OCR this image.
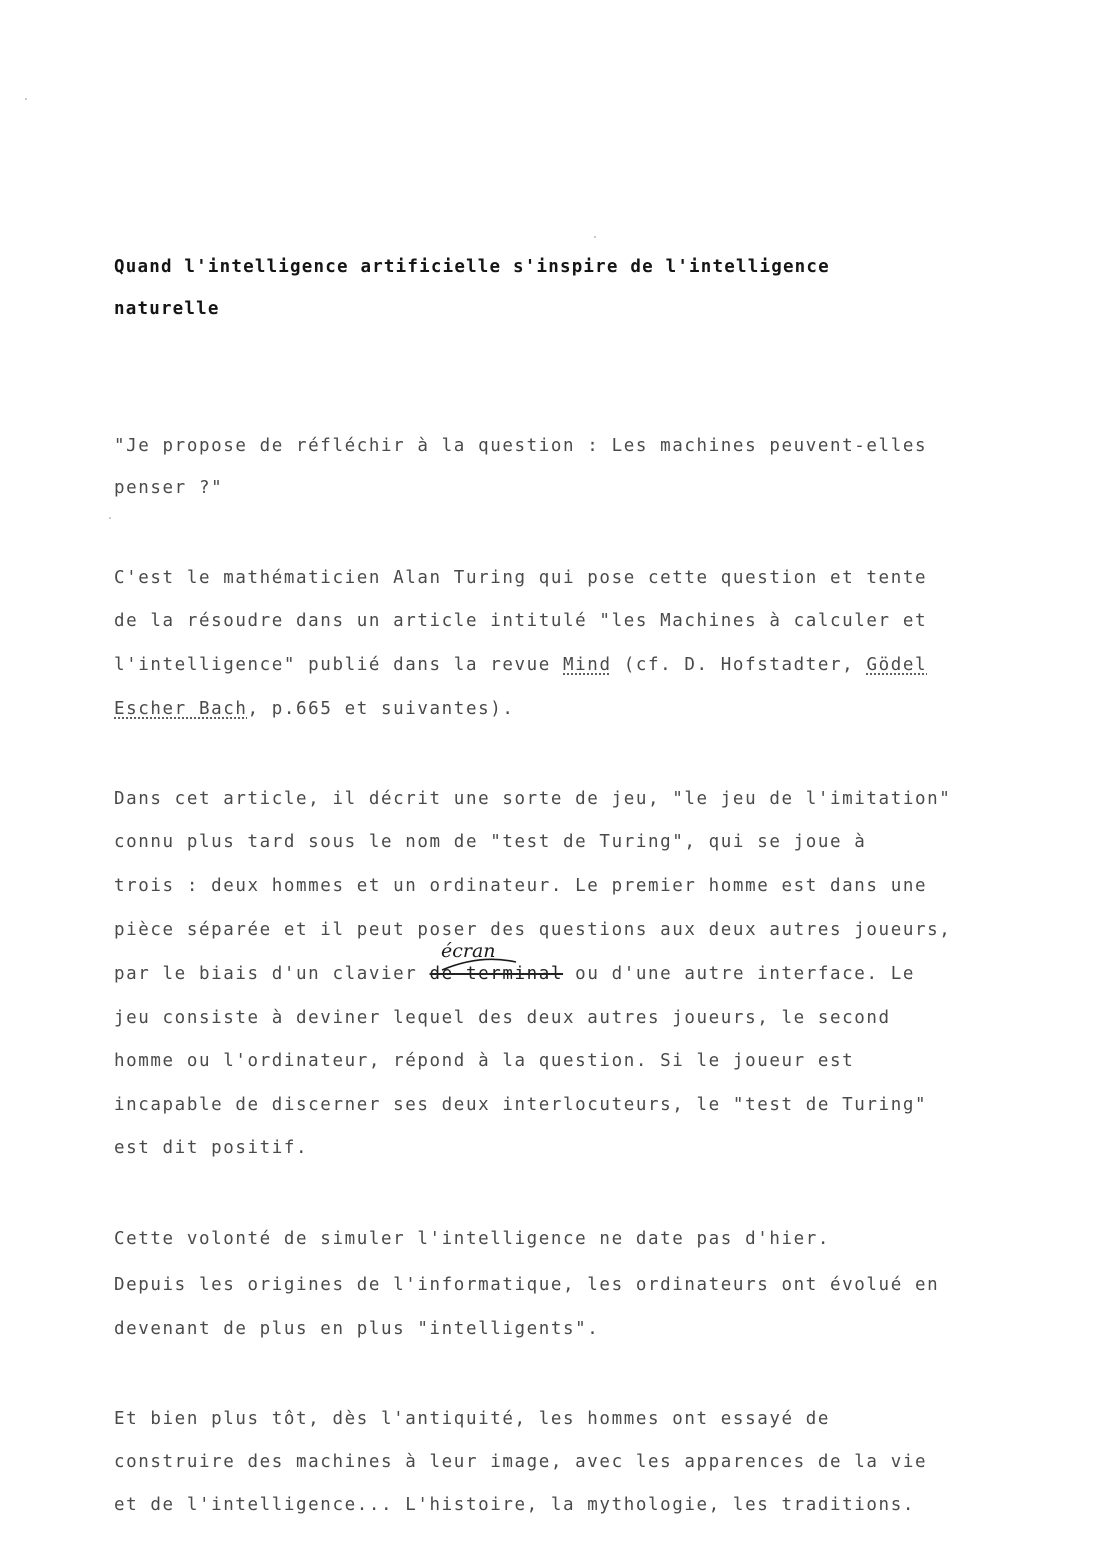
Quand l'intelligence artificielle s'inspire de l'intelligence
naturelle
"Je propose de réfléchir à la question : Les machines peuvent-elles
penser ?"
C'est le mathématicien Alan Turing qui pose cette question et tente
de la résoudre dans un article intitulé "les Machines à calculer et
l'intelligence" publié dans la revue Mind (cf. D. Hofstadter, Gödel
Escher Bach, p.665 et suivantes).
Dans cet article, il décrit une sorte de jeu, "le jeu de l'imitation"
connu plus tard sous le nom de "test de Turing", qui se joue à
trois : deux hommes et un ordinateur. Le premier homme est dans une
pièce séparée et il peut poser des questions aux deux autres joueurs,
écran
par le biais d'un clavier de terminal ou d'une autre interface. Le
jeu consiste à deviner lequel des deux autres joueurs, le second
homme ou l'ordinateur, répond à la question. Si le joueur est
incapable de discerner ses deux interlocuteurs, le "test de Turing"
est dit positif.
Cette volonté de simuler l'intelligence ne date pas d'hier.
Depuis les origines de l'informatique, les ordinateurs ont évolué en
devenant de plus en plus "intelligents".
Et bien plus tôt, dès l'antiquité, les hommes ont essayé de
construire des machines à leur image, avec les apparences de la vie
et de l'intelligence... L'histoire, la mythologie, les traditions.
